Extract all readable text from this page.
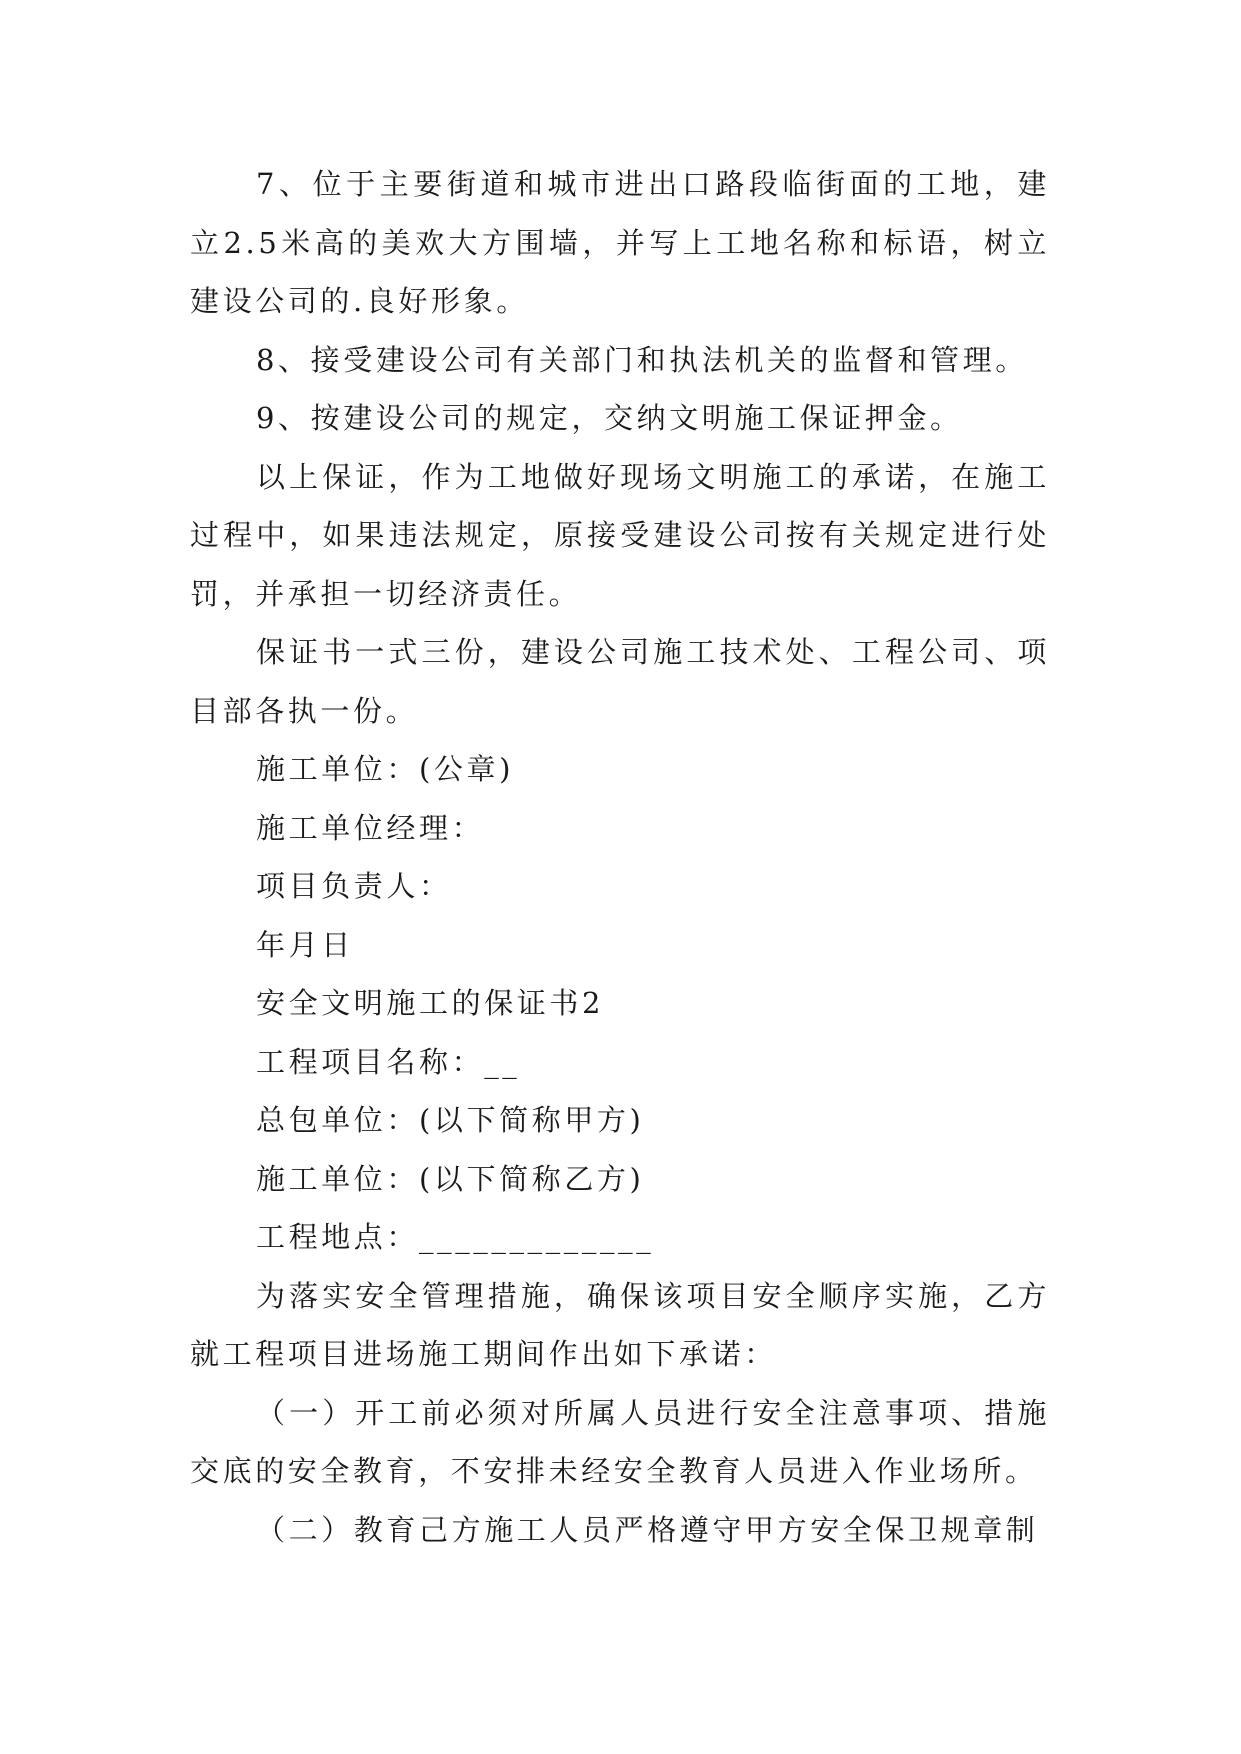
7、位于主要街道和城市进出口路段临街面的工地，建立2.5米高的美欢大方围墙，并写上工地名称和标语，树立建设公司的.良好形象。

8、接受建设公司有关部门和执法机关的监督和管理。

9、按建设公司的规定，交纳文明施工保证押金。

以上保证，作为工地做好现场文明施工的承诺，在施工过程中，如果违法规定，原接受建设公司按有关规定进行处罚，并承担一切经济责任。

保证书一式三份，建设公司施工技术处、工程公司、项目部各执一份。

施工单位：(公章)

施工单位经理：

项目负责人：

年月日

安全文明施工的保证书2

工程项目名称：__

总包单位：(以下简称甲方)

施工单位：(以下简称乙方)

工程地点：_____________

为落实安全管理措施，确保该项目安全顺序实施，乙方就工程项目进场施工期间作出如下承诺：

（一）开工前必须对所属人员进行安全注意事项、措施交底的安全教育，不安排未经安全教育人员进入作业场所。

（二）教育己方施工人员严格遵守甲方安全保卫规章制
